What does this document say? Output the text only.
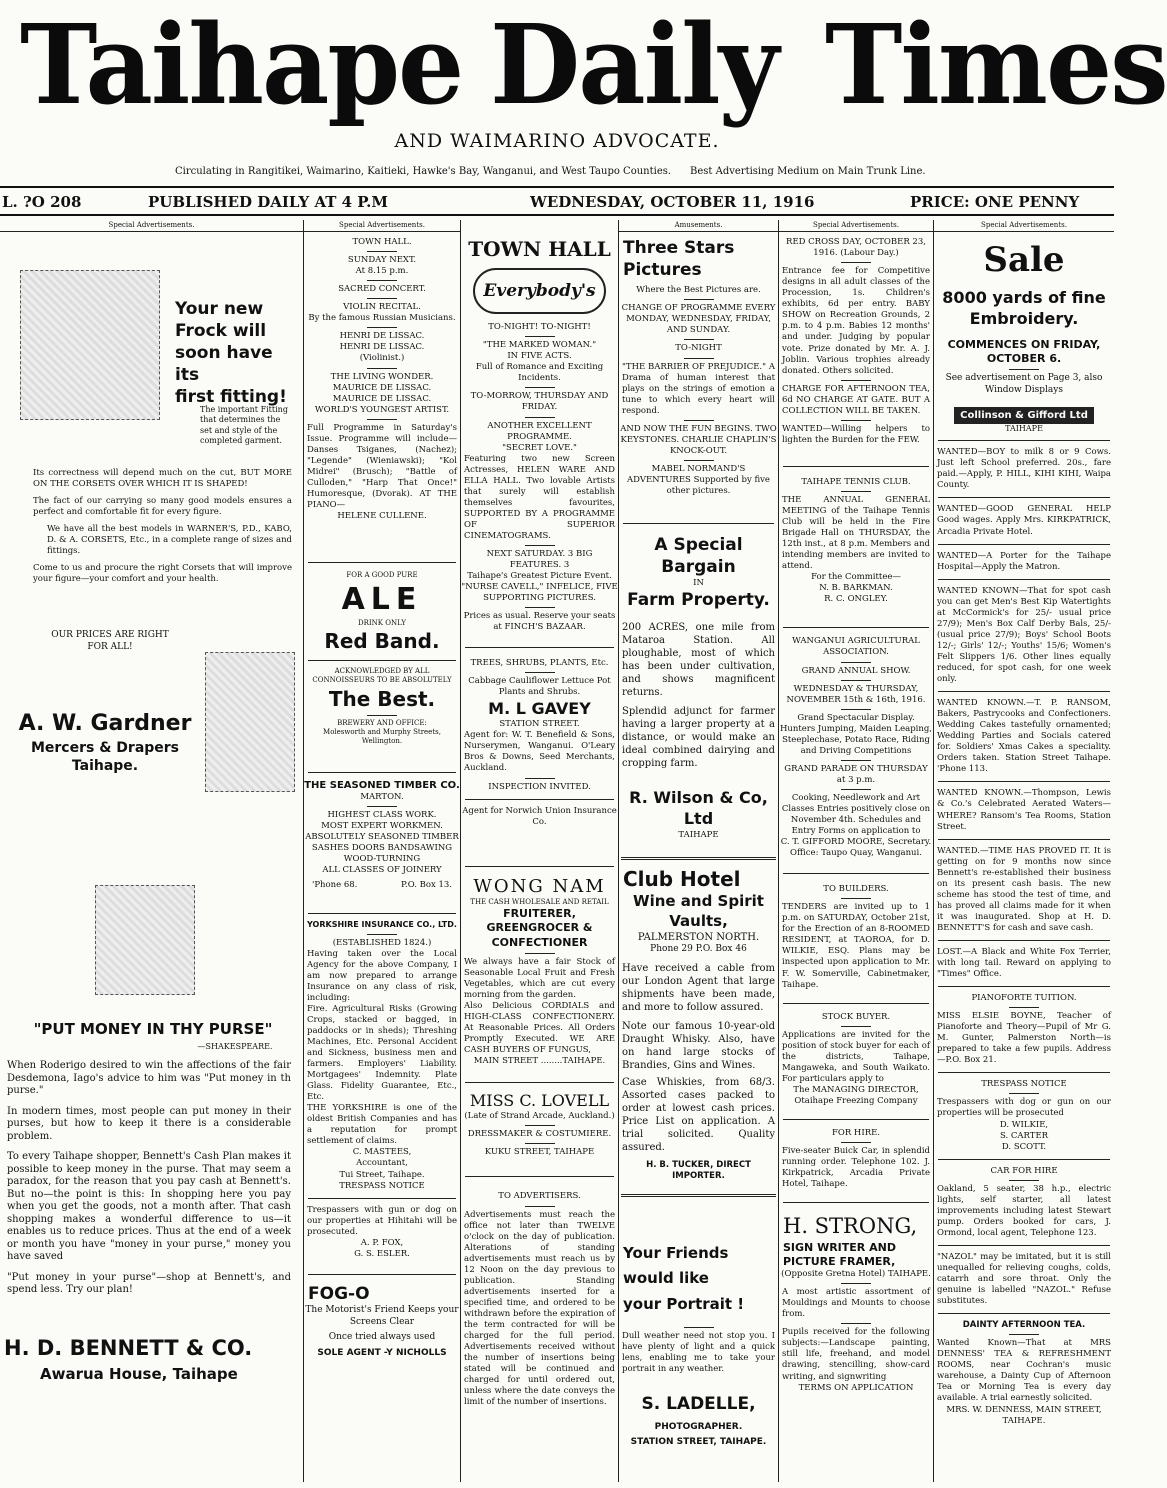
Taihape Daily Times
AND WAIMARINO ADVOCATE.
Circulating in Rangitikei, Waimarino, Kaitieki, Hawke's Bay, Wanganui, and West Taupo Counties. Best Advertising Medium on Main Trunk Line.
L. ?O 208	PUBLISHED DAILY AT 4 P.M	WEDNESDAY, OCTOBER 11, 1916	PRICE: ONE PENNY
Special Advertisements.
Your new
Frock will
soon have its
first fitting!
The important Fitting that determines the set and style of the completed garment.

Its correctness will depend much on the cut, BUT MORE ON THE CORSETS OVER WHICH IT IS SHAPED!

The fact of our carrying so many good models ensures a perfect and comfortable fit for every figure.

We have all the best models in WARNER'S, P.D., KABO, D. & A. CORSETS, Etc., in a complete range of sizes and fittings.

Come to us and procure the right Corsets that will improve your figure—your comfort and your health.

OUR PRICES ARE RIGHT FOR ALL!
A. W. Gardner
Mercers & Drapers
Taihape.
"PUT MONEY IN THY PURSE"
—SHAKESPEARE.

When Roderigo desired to win the affections of the fair Desdemona, Iago's advice to him was "Put money in th purse."

In modern times, most people can put money in their purses, but how to keep it there is a considerable problem.

To every Taihape shopper, Bennett's Cash Plan makes it possible to keep money in the purse. That may seem a paradox, for the reason that you pay cash at Bennett's. But no—the point is this: In shopping here you pay when you get the goods, not a month after. That cash shopping makes a wonderful difference to us—it enables us to reduce prices. Thus at the end of a week or month you have "money in your purse," money you have saved

"Put money in your purse"—shop at Bennett's, and spend less. Try our plan!

H. D. BENNETT & CO.
Awarua House, Taihape
Special Advertisements.
TOWN HALL.
SUNDAY NEXT.
At 8.15 p.m.
SACRED CONCERT.
VIOLIN RECITAL.
By the famous Russian Musicians.
HENRI DE LISSAC.
HENRI DE LISSAC.
(Violinist.)
THE LIVING WONDER.
MAURICE DE LISSAC.
MAURICE DE LISSAC.
WORLD'S YOUNGEST ARTIST.
Full Programme in Saturday's Issue. Programme will include—Danses Tsiganes, (Nachez); "Legende" (Wieniawski); "Kol Midrei" (Brusch); "Battle of Culloden," "Harp That Once!" Humoresque, (Dvorak). AT THE PIANO—
HELENE CULLENE.
FOR A GOOD PURE
ALE
DRINK ONLY
Red Band.
ACKNOWLEDGED BY ALL CONNOISSEURS TO BE ABSOLUTELY
The Best.
BREWERY AND OFFICE:
Molesworth and Murphy Streets, Wellington.
THE SEASONED TIMBER CO.
MARTON.
HIGHEST CLASS WORK.
MOST EXPERT WORKMEN.
ABSOLUTELY SEASONED TIMBER
SASHES DOORS BANDSAWING
WOOD-TURNING
ALL CLASSES OF JOINERY
'Phone 68.	P.O. Box 13.
YORKSHIRE INSURANCE CO., LTD.
(ESTABLISHED 1824.)
Having taken over the Local Agency for the above Company, I am now prepared to arrange Insurance on any class of risk, including:
Fire. Agricultural Risks (Growing Crops, stacked or bagged, in paddocks or in sheds); Threshing Machines, Etc. Personal Accident and Sickness, business men and farmers. Employers' Liability. Mortgagees' Indemnity. Plate Glass. Fidelity Guarantee, Etc., Etc.
THE YORKSHIRE is one of the oldest British Companies and has a reputation for prompt settlement of claims.
C. MASTEES,
Accountant,
Tui Street, Taihape.
TRESPASS NOTICE
Trespassers with gun or dog on our properties at Hihitahi will be prosecuted.
A. P. FOX,
G. S. ESLER.
FOG-O
The Motorist's Friend Keeps your Screens Clear
Once tried always used
SOLE AGENT -Y NICHOLLS

TOWN HALL
Everybody's
TO-NIGHT! TO-NIGHT!
"THE MARKED WOMAN."
IN FIVE ACTS.
Full of Romance and Exciting Incidents.
TO-MORROW, THURSDAY AND FRIDAY.
ANOTHER EXCELLENT PROGRAMME.
"SECRET LOVE."
Featuring two new Screen Actresses, HELEN WARE AND ELLA HALL. Two lovable Artists that surely will establish themselves favourites, SUPPORTED BY A PROGRAMME OF SUPERIOR CINEMATOGRAMS.
NEXT SATURDAY. 3 BIG FEATURES. 3
Taihape's Greatest Picture Event. "NURSE CAVELL," INFELICE, FIVE SUPPORTING PICTURES.
Prices as usual. Reserve your seats at FINCH'S BAZAAR.
TREES, SHRUBS, PLANTS, Etc.
Cabbage Cauliflower Lettuce Pot Plants and Shrubs.
M. L GAVEY
STATION STREET.
Agent for: W. T. Benefield & Sons, Nurserymen, Wanganui. O'Leary Bros & Downs, Seed Merchants, Auckland.
INSPECTION INVITED.
Agent for Norwich Union Insurance Co.
WONG NAM
THE CASH WHOLESALE AND RETAIL
FRUITERER, GREENGROCER & CONFECTIONER
We always have a fair Stock of Seasonable Local Fruit and Fresh Vegetables, which are cut every morning from the garden.
Also Delicious CORDIALS and HIGH-CLASS CONFECTIONERY. At Reasonable Prices. All Orders Promptly Executed. WE ARE CASH BUYERS OF FUNGUS,
MAIN STREET ........TAIHAPE.
MISS C. LOVELL
(Late of Strand Arcade, Auckland.)
DRESSMAKER & COSTUMIERE.
KUKU STREET, TAIHAPE
TO ADVERTISERS.
Advertisements must reach the office not later than TWELVE o'clock on the day of publication. Alterations of standing advertisements must reach us by 12 Noon on the day previous to publication. Standing advertisements inserted for a specified time, and ordered to be withdrawn before the expiration of the term contracted for will be charged for the full period. Advertisements received without the number of insertions being stated will be continued and charged for until ordered out, unless where the date conveys the limit of the number of insertions.
Amusements.
Three Stars Pictures
Where the Best Pictures are.
CHANGE OF PROGRAMME EVERY MONDAY, WEDNESDAY, FRIDAY, AND SUNDAY.
TO-NIGHT
"THE BARRIER OF PREJUDICE." A Drama of human interest that plays on the strings of emotion a tune to which every heart will respond.
AND NOW THE FUN BEGINS. TWO KEYSTONES. CHARLIE CHAPLIN'S KNOCK-OUT.
MABEL NORMAND'S ADVENTURES Supported by five other pictures.
A Special Bargain
IN
Farm Property.
200 ACRES, one mile from Mataroa Station. All ploughable, most of which has been under cultivation, and shows magnificent returns.
Splendid adjunct for farmer having a larger property at a distance, or would make an ideal combined dairying and cropping farm.
R. Wilson & Co, Ltd
TAIHAPE
Club Hotel
Wine and Spirit Vaults,
PALMERSTON NORTH.
Phone 29 P.O. Box 46
Have received a cable from our London Agent that large shipments have been made, and more to follow assured.
Note our famous 10-year-old Draught Whisky. Also, have on hand large stocks of Brandies, Gins and Wines.
Case Whiskies, from 68/3. Assorted cases packed to order at lowest cash prices. Price List on application. A trial solicited. Quality assured.
H. B. TUCKER, DIRECT IMPORTER.
Your Friends
would like
your Portrait !
Dull weather need not stop you. I have plenty of light and a quick lens, enabling me to take your portrait in any weather.
S. LADELLE,
PHOTOGRAPHER.
STATION STREET, TAIHAPE.
Special Advertisements.
RED CROSS DAY, OCTOBER 23, 1916. (Labour Day.)
Entrance fee for Competitive designs in all adult classes of the Procession, 1s. Children's exhibits, 6d per entry. BABY SHOW on Recreation Grounds, 2 p.m. to 4 p.m. Babies 12 months' and under. Judging by popular vote. Prize donated by Mr. A. J. Joblin. Various trophies already donated. Others solicited.
CHARGE FOR AFTERNOON TEA, 6d NO CHARGE AT GATE. BUT A COLLECTION WILL BE TAKEN.
WANTED—Willing helpers to lighten the Burden for the FEW.
TAIHAPE TENNIS CLUB.
THE ANNUAL GENERAL MEETING of the Taihape Tennis Club will be held in the Fire Brigade Hall on THURSDAY, the 12th inst., at 8 p.m. Members and intending members are invited to attend.
For the Committee—
N. B. BARKMAN.
R. C. ONGLEY.
WANGANUI AGRICULTURAL ASSOCIATION.
GRAND ANNUAL SHOW.
WEDNESDAY & THURSDAY, NOVEMBER 15th & 16th, 1916.
Grand Spectacular Display. Hunters Jumping, Maiden Leaping, Steeplechase, Potato Race, Riding and Driving Competitions
GRAND PARADE ON THURSDAY at 3 p.m.
Cooking, Needlework and Art Classes Entries positively close on November 4th. Schedules and Entry Forms on application to
C. T. GIFFORD MOORE, Secretary.
Office: Taupo Quay, Wanganui.
TO BUILDERS.
TENDERS are invited up to 1 p.m. on SATURDAY, October 21st, for the Erection of an 8-ROOMED RESIDENT, at TAOROA, for D. WILKIE, ESQ. Plans may be inspected upon application to Mr. F. W. Somerville, Cabinetmaker, Taihape.
STOCK BUYER.
Applications are invited for the position of stock buyer for each of the districts, Taihape, Mangaweka, and South Waikato. For particulars apply to
The MANAGING DIRECTOR, Otaihape Freezing Company
FOR HIRE.
Five-seater Buick Car, in splendid running order. Telephone 102. J. Kirkpatrick, Arcadia Private Hotel, Taihape.
H. STRONG,
SIGN WRITER AND PICTURE FRAMER,
(Opposite Gretna Hotel) TAIHAPE.
A most artistic assortment of Mouldings and Mounts to choose from.
Pupils received for the following subjects:—Landscape painting, still life, freehand, and model drawing, stencilling, show-card writing, and signwriting
TERMS ON APPLICATION
Special Advertisements.
Sale
8000 yards of fine Embroidery.
COMMENCES ON FRIDAY, OCTOBER 6.
See advertisement on Page 3, also Window Displays
Collinson & Gifford Ltd
TAIHAPE
WANTED—BOY to milk 8 or 9 Cows. Just left School preferred. 20s., fare paid.—Apply, P. HILL, KIHI KIHI, Waipa County.
WANTED—GOOD GENERAL HELP Good wages. Apply Mrs. KIRKPATRICK, Arcadia Private Hotel.
WANTED—A Porter for the Taihape Hospital—Apply the Matron.
WANTED KNOWN—That for spot cash you can get Men's Best Kip Watertights at McCormick's for 25/- usual price 27/9); Men's Box Calf Derby Bals, 25/- (usual price 27/9); Boys' School Boots 12/-; Girls' 12/-; Youths' 15/6; Women's Felt Slippers 1/6. Other lines equally reduced, for spot cash, for one week only.
WANTED KNOWN.—T. P. RANSOM, Bakers, Pastrycooks and Confectioners. Wedding Cakes tastefully ornamented; Wedding Parties and Socials catered for. Soldiers' Xmas Cakes a speciality. Orders taken. Station Street Taihape. 'Phone 113.
WANTED KNOWN.—Thompson, Lewis & Co.'s Celebrated Aerated Waters—WHERE? Ransom's Tea Rooms, Station Street.
WANTED.—TIME HAS PROVED IT. It is getting on for 9 months now since Bennett's re-established their business on its present cash basis. The new scheme has stood the test of time, and has proved all claims made for it when it was inaugurated. Shop at H. D. BENNETT'S for cash and save cash.
LOST.—A Black and White Fox Terrier, with long tail. Reward on applying to "Times" Office.
PIANOFORTE TUITION.
MISS ELSIE BOYNE, Teacher of Pianoforte and Theory—Pupil of Mr G. M. Gunter, Palmerston North—is prepared to take a few pupils. Address—P.O. Box 21.
TRESPASS NOTICE
Trespassers with dog or gun on our properties will be prosecuted
D. WILKIE,
S. CARTER
D. SCOTT.
CAR FOR HIRE
Oakland, 5 seater, 38 h.p., electric lights, self starter, all latest improvements including latest Stewart pump. Orders booked for cars, J. Ormond, local agent, Telephone 123.
"NAZOL" may be imitated, but it is still unequalled for relieving coughs, colds, catarrh and sore throat. Only the genuine is labelled "NAZOL." Refuse substitutes.
DAINTY AFTERNOON TEA.
Wanted Known—That at MRS DENNESS' TEA & REFRESHMENT ROOMS, near Cochran's music warehouse, a Dainty Cup of Afternoon Tea or Morning Tea is every day available. A trial earnestly solicited.
MRS. W. DENNESS, MAIN STREET, TAIHAPE.
